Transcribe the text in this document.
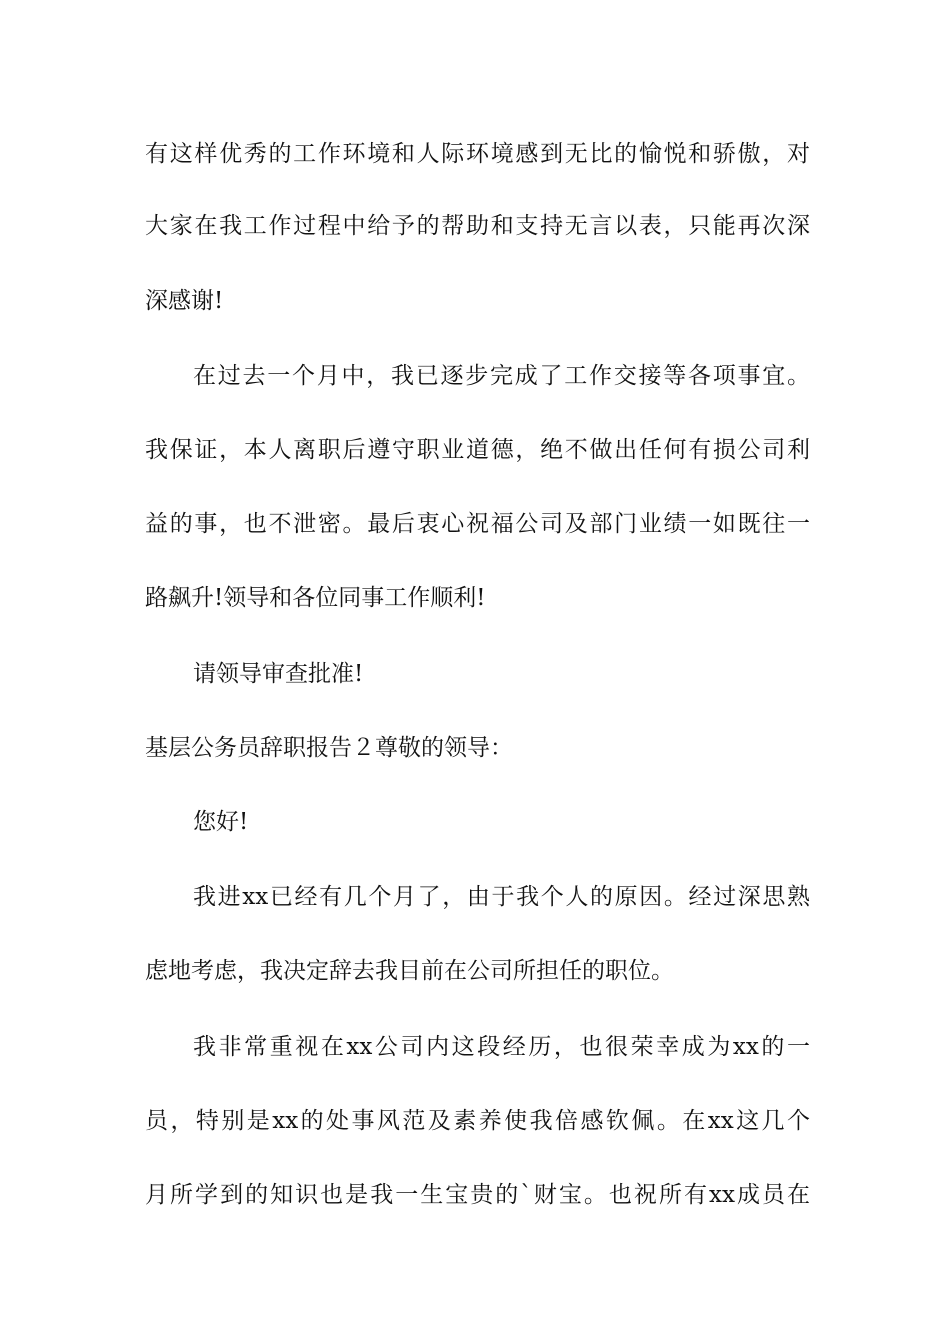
有这样优秀的工作环境和人际环境感到无比的愉悦和骄傲，对
大家在我工作过程中给予的帮助和支持无言以表，只能再次深
深感谢!
在过去一个月中，我已逐步完成了工作交接等各项事宜。
我保证，本人离职后遵守职业道德，绝不做出任何有损公司利
益的事，也不泄密。最后衷心祝福公司及部门业绩一如既往一
路飙升!领导和各位同事工作顺利!
请领导审查批准!
基层公务员辞职报告２尊敬的领导：
您好!
我进xx已经有几个月了，由于我个人的原因。经过深思熟
虑地考虑，我决定辞去我目前在公司所担任的职位。
我非常重视在xx公司内这段经历，也很荣幸成为xx的一
员，特别是xx的处事风范及素养使我倍感钦佩。在xx这几个
月所学到的知识也是我一生宝贵的`财宝。也祝所有xx成员在
